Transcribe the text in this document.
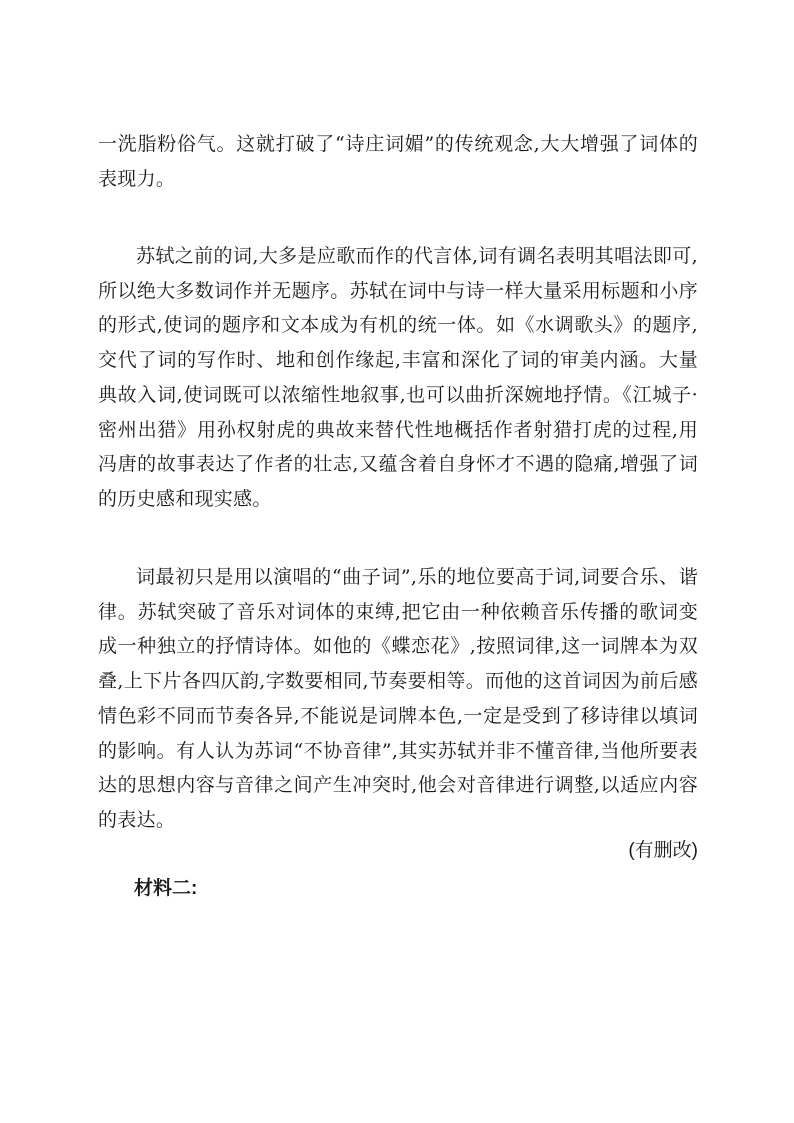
一洗脂粉俗气。这就打破了“诗庄词媚”的传统观念,大大增强了词体的表现力。

苏轼之前的词,大多是应歌而作的代言体,词有调名表明其唱法即可,所以绝大多数词作并无题序。苏轼在词中与诗一样大量采用标题和小序的形式,使词的题序和文本成为有机的统一体。如《水调歌头》的题序,交代了词的写作时、地和创作缘起,丰富和深化了词的审美内涵。大量典故入词,使词既可以浓缩性地叙事,也可以曲折深婉地抒情。《江城子·密州出猎》用孙权射虎的典故来替代性地概括作者射猎打虎的过程,用冯唐的故事表达了作者的壮志,又蕴含着自身怀才不遇的隐痛,增强了词的历史感和现实感。

词最初只是用以演唱的“曲子词”,乐的地位要高于词,词要合乐、谐律。苏轼突破了音乐对词体的束缚,把它由一种依赖音乐传播的歌词变成一种独立的抒情诗体。如他的《蝶恋花》,按照词律,这一词牌本为双叠,上下片各四仄韵,字数要相同,节奏要相等。而他的这首词因为前后感情色彩不同而节奏各异,不能说是词牌本色,一定是受到了移诗律以填词的影响。有人认为苏词“不协音律”,其实苏轼并非不懂音律,当他所要表达的思想内容与音律之间产生冲突时,他会对音律进行调整,以适应内容的表达。

(有删改)
材料二:
